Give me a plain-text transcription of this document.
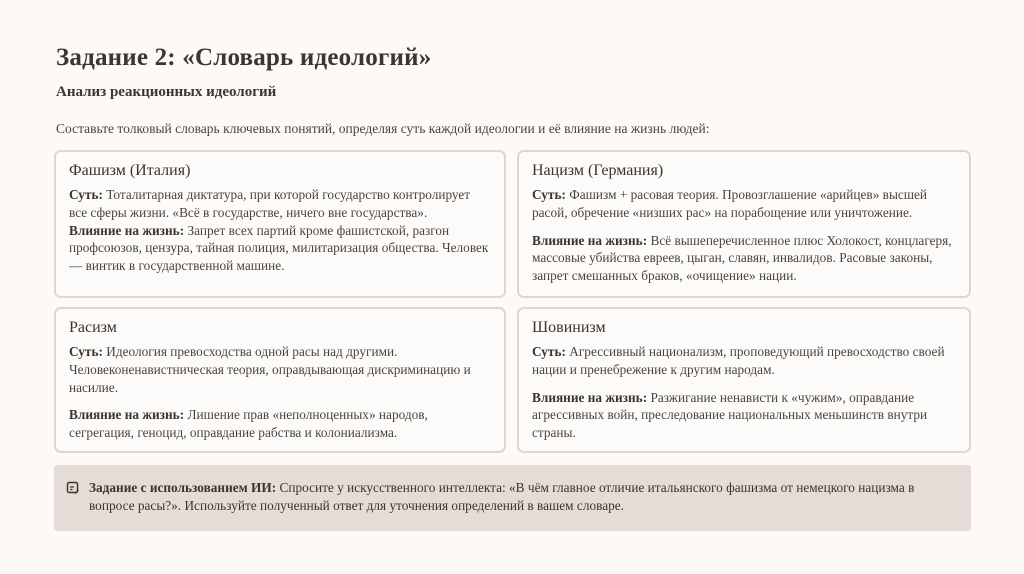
Задание 2: «Словарь идеологий»
Анализ реакционных идеологий
Составьте толковый словарь ключевых понятий, определяя суть каждой идеологии и её влияние на жизнь людей:
Фашизм (Италия)

Суть: Тоталитарная диктатура, при которой государство контролирует все сферы жизни. «Всё в государстве, ничего вне государства».

Влияние на жизнь: Запрет всех партий кроме фашистской, разгон профсоюзов, цензура, тайная полиция, милитаризация общества. Человек — винтик в государственной машине.

Нацизм (Германия)

Суть: Фашизм + расовая теория. Провозглашение «арийцев» высшей расой, обречение «низших рас» на порабощение или уничтожение.

Влияние на жизнь: Всё вышеперечисленное плюс Холокост, концлагеря, массовые убийства евреев, цыган, славян, инвалидов. Расовые законы, запрет смешанных браков, «очищение» нации.

Расизм

Суть: Идеология превосходства одной расы над другими. Человеконенавистническая теория, оправдывающая дискриминацию и насилие.

Влияние на жизнь: Лишение прав «неполноценных» народов, сегрегация, геноцид, оправдание рабства и колониализма.

Шовинизм

Суть: Агрессивный национализм, проповедующий превосходство своей нации и пренебрежение к другим народам.

Влияние на жизнь: Разжигание ненависти к «чужим», оправдание агрессивных войн, преследование национальных меньшинств внутри страны.

Задание с использованием ИИ: Спросите у искусственного интеллекта: «В чём главное отличие итальянского фашизма от немецкого нацизма в вопросе расы?». Используйте полученный ответ для уточнения определений в вашем словаре.
